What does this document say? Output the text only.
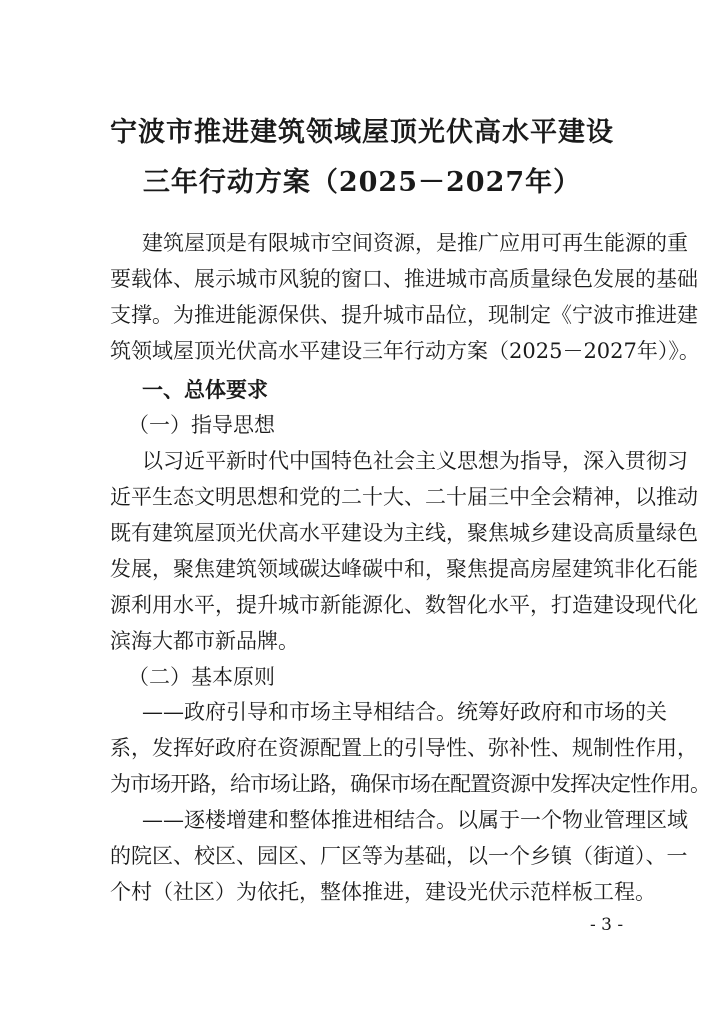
宁波市推进建筑领域屋顶光伏高水平建设
三年行动方案（2025－2027年）
建筑屋顶是有限城市空间资源，是推广应用可再生能源的重
要载体、展示城市风貌的窗口、推进城市高质量绿色发展的基础
支撑。为推进能源保供、提升城市品位，现制定《宁波市推进建
筑领域屋顶光伏高水平建设三年行动方案（2025－2027年）》。
一、总体要求
（一）指导思想
以习近平新时代中国特色社会主义思想为指导，深入贯彻习
近平生态文明思想和党的二十大、二十届三中全会精神，以推动
既有建筑屋顶光伏高水平建设为主线，聚焦城乡建设高质量绿色
发展，聚焦建筑领域碳达峰碳中和，聚焦提高房屋建筑非化石能
源利用水平，提升城市新能源化、数智化水平，打造建设现代化
滨海大都市新品牌。
（二）基本原则
——政府引导和市场主导相结合。统筹好政府和市场的关
系，发挥好政府在资源配置上的引导性、弥补性、规制性作用，
为市场开路，给市场让路，确保市场在配置资源中发挥决定性作用。
——逐楼增建和整体推进相结合。以属于一个物业管理区域
的院区、校区、园区、厂区等为基础，以一个乡镇（街道）、一
个村（社区）为依托，整体推进，建设光伏示范样板工程。
- 3 -
